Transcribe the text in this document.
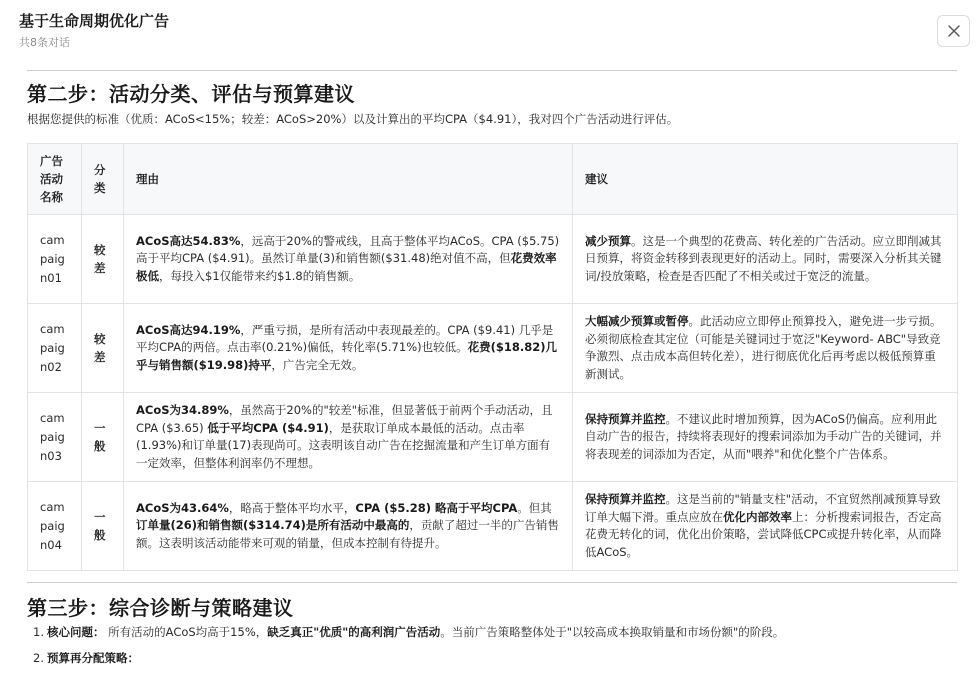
基于生命周期优化广告
共8条对话
第二步：活动分类、评估与预算建议
根据您提供的标准（优质：ACoS<15%；较差：ACoS>20%）以及计算出的平均CPA（$4.91），我对四个广告活动进行评估。
广告活动名称	分类	理由	建议

campaign01	较差	ACoS高达54.83%，远高于20%的警戒线，且高于整体平均ACoS。CPA ($5.75) 高于平均CPA ($4.91)。虽然订单量(3)和销售额($31.48)绝对值不高，但花费效率极低，每投入$1仅能带来约$1.8的销售额。	减少预算。这是一个典型的花费高、转化差的广告活动。应立即削减其日预算，将资金转移到表现更好的活动上。同时，需要深入分析其关键词/投放策略，检查是否匹配了不相关或过于宽泛的流量。

campaign02	较差	ACoS高达94.19%，严重亏损，是所有活动中表现最差的。CPA ($9.41) 几乎是平均CPA的两倍。点击率(0.21%)偏低，转化率(5.71%)也较低。花费($18.82)几乎与销售额($19.98)持平，广告完全无效。	大幅减少预算或暂停。此活动应立即停止预算投入，避免进一步亏损。必须彻底检查其定位（可能是关键词过于宽泛"Keyword- ABC"导致竞争激烈、点击成本高但转化差），进行彻底优化后再考虑以极低预算重新测试。

campaign03	一般	ACoS为34.89%，虽然高于20%的"较差"标准，但显著低于前两个手动活动，且CPA ($3.65) 低于平均CPA ($4.91)，是获取订单成本最低的活动。点击率(1.93%)和订单量(17)表现尚可。这表明该自动广告在挖掘流量和产生订单方面有一定效率，但整体利润率仍不理想。	保持预算并监控。不建议此时增加预算，因为ACoS仍偏高。应利用此自动广告的报告，持续将表现好的搜索词添加为手动广告的关键词，并将表现差的词添加为否定，从而"喂养"和优化整个广告体系。

campaign04	一般	ACoS为43.64%，略高于整体平均水平，CPA ($5.28) 略高于平均CPA。但其订单量(26)和销售额($314.74)是所有活动中最高的，贡献了超过一半的广告销售额。这表明该活动能带来可观的销量，但成本控制有待提升。	保持预算并监控。这是当前的"销量支柱"活动，不宜贸然削减预算导致订单大幅下滑。重点应放在优化内部效率上：分析搜索词报告，否定高花费无转化的词，优化出价策略，尝试降低CPC或提升转化率，从而降低ACoS。
第三步：综合诊断与策略建议
1. 核心问题： 所有活动的ACoS均高于15%，缺乏真正"优质"的高利润广告活动。当前广告策略整体处于"以较高成本换取销量和市场份额"的阶段。
2. 预算再分配策略：
